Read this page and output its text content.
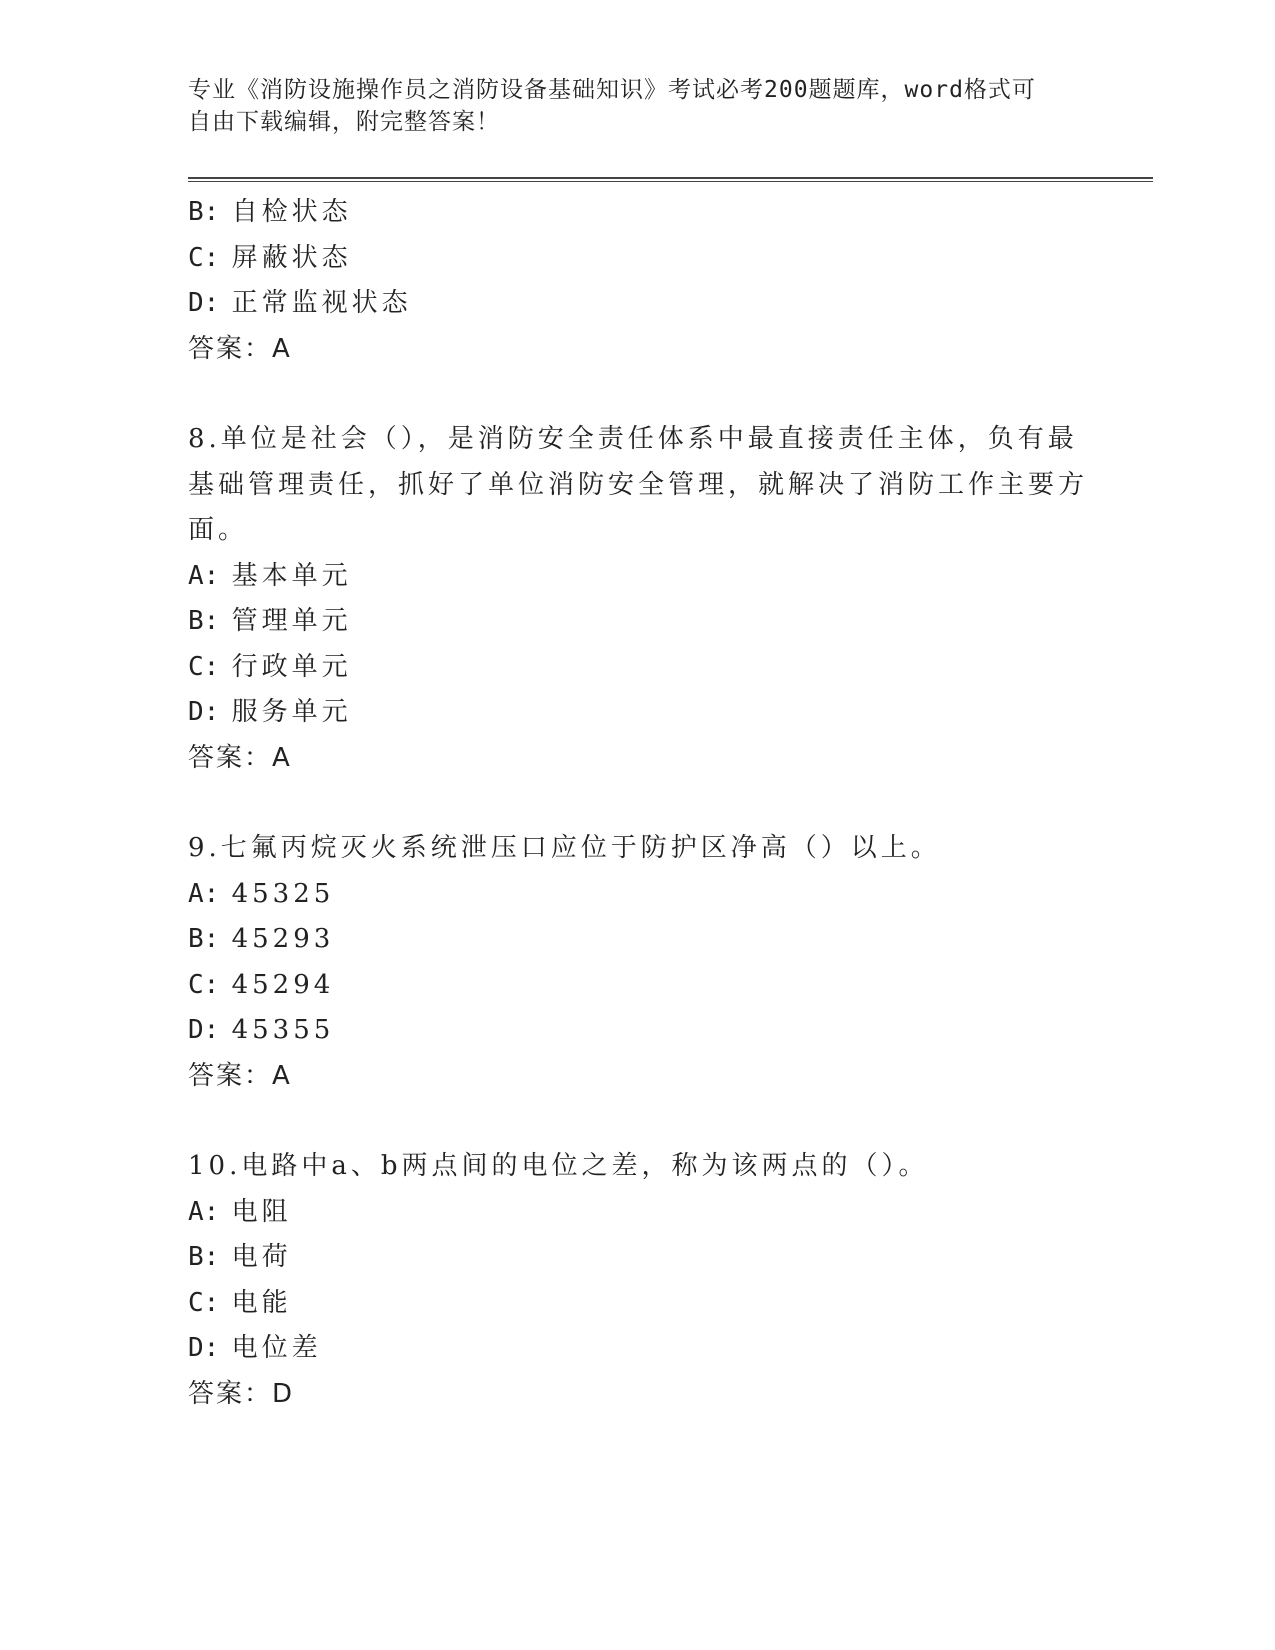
专业《消防设施操作员之消防设备基础知识》考试必考200题题库，word格式可
自由下载编辑，附完整答案！
B: 自检状态
C: 屏蔽状态
D: 正常监视状态
答案：A
8.单位是社会（），是消防安全责任体系中最直接责任主体，负有最
基础管理责任，抓好了单位消防安全管理，就解决了消防工作主要方
面。
A: 基本单元
B: 管理单元
C: 行政单元
D: 服务单元
答案：A
9.七氟丙烷灭火系统泄压口应位于防护区净高（）以上。
A: 45325
B: 45293
C: 45294
D: 45355
答案：A
10.电路中a、b两点间的电位之差，称为该两点的（）。
A: 电阻
B: 电荷
C: 电能
D: 电位差
答案：D
